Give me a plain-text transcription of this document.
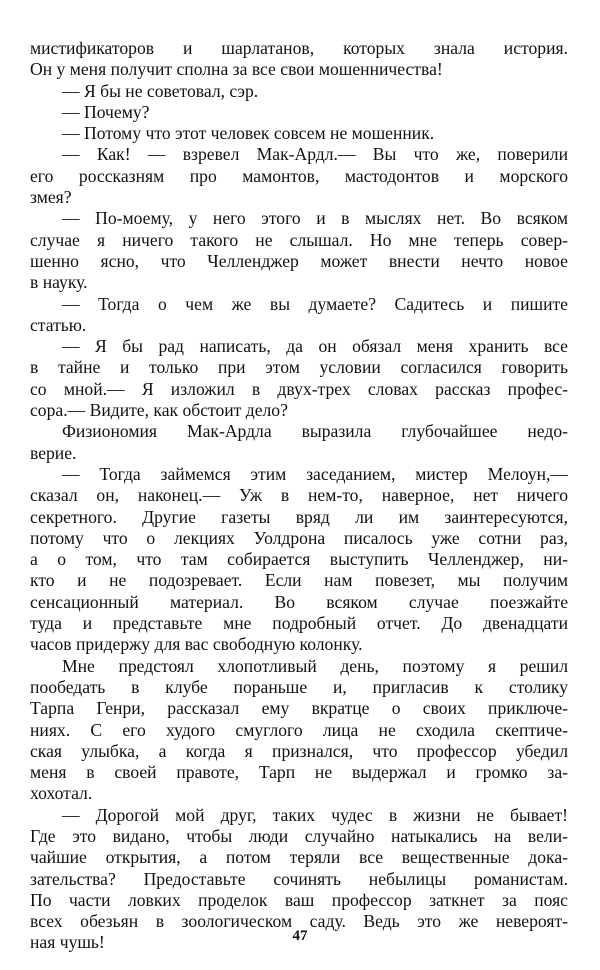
мистификаторов и шарлатанов, которых знала история.
Он у меня получит сполна за все свои мошенничества!
— Я бы не советовал, сэр.
— Почему?
— Потому что этот человек совсем не мошенник.
— Как! — взревел Мак-Ардл.— Вы что же, поверили
его россказням про мамонтов, мастодонтов и морского
змея?
— По-моему, у него этого и в мыслях нет. Во всяком
случае я ничего такого не слышал. Но мне теперь совер-
шенно ясно, что Челленджер может внести нечто новое
в науку.
— Тогда о чем же вы думаете? Садитесь и пишите
статью.
— Я бы рад написать, да он обязал меня хранить все
в тайне и только при этом условии согласился говорить
со мной.— Я изложил в двух-трех словах рассказ профес-
сора.— Видите, как обстоит дело?
Физиономия Мак-Ардла выразила глубочайшее недо-
верие.
— Тогда займемся этим заседанием, мистер Мелоун,—
сказал он, наконец.— Уж в нем-то, наверное, нет ничего
секретного. Другие газеты вряд ли им заинтересуются,
потому что о лекциях Уолдрона писалось уже сотни раз,
а о том, что там собирается выступить Челленджер, ни-
кто и не подозревает. Если нам повезет, мы получим
сенсационный материал. Во всяком случае поезжайте
туда и представьте мне подробный отчет. До двенадцати
часов придержу для вас свободную колонку.
Мне предстоял хлопотливый день, поэтому я решил
пообедать в клубе пораньше и, пригласив к столику
Тарпа Генри, рассказал ему вкратце о своих приключе-
ниях. С его худого смуглого лица не сходила скептиче-
ская улыбка, а когда я признался, что профессор убедил
меня в своей правоте, Тарп не выдержал и громко за-
хохотал.
— Дорогой мой друг, таких чудес в жизни не бывает!
Где это видано, чтобы люди случайно натыкались на вели-
чайшие открытия, а потом теряли все вещественные дока-
зательства? Предоставьте сочинять небылицы романистам.
По части ловких проделок ваш профессор заткнет за пояс
всех обезьян в зоологическом саду. Ведь это же невероят-
ная чушь!	47
